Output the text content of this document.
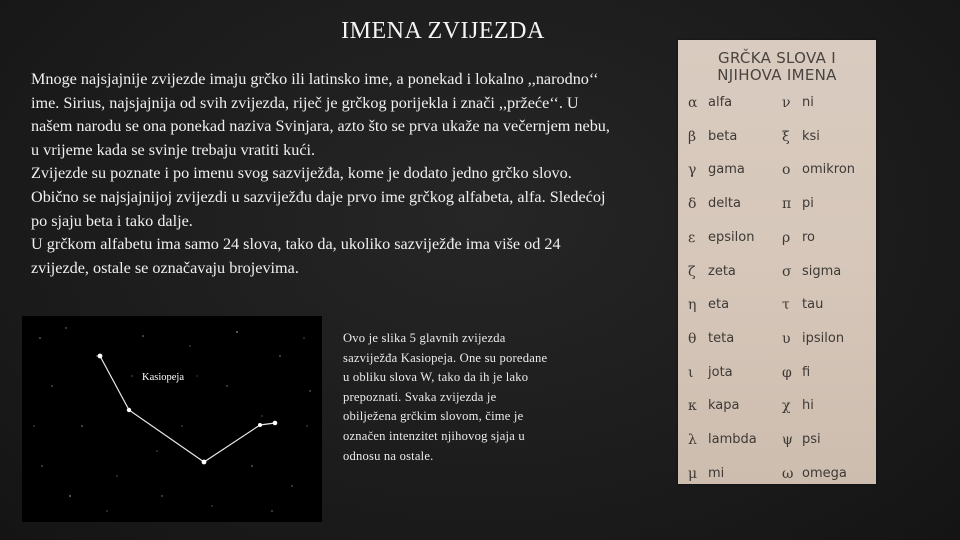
IMENA ZVIJEZDA

Mnoge najsjajnije zvijezde imaju grčko ili latinsko ime, a ponekad i lokalno ,,narodno‘‘ ime. Sirius, najsjajnija od svih zvijezda, riječ je grčkog porijekla i znači ,,pržeće‘‘. U našem narodu se ona ponekad naziva Svinjara, azto što se prva ukaže na večernjem nebu, u vrijeme kada se svinje trebaju vratiti kući.

Zvijezde su poznate i po imenu svog sazviježđa, kome je dodato jedno grčko slovo. Obično se najsjajnijoj zvijezdi u sazviježđu daje prvo ime grčkog alfabeta, alfa. Sledećoj po sjaju beta i tako dalje.

U grčkom alfabetu ima samo 24 slova, tako da, ukoliko sazviježđe ima više od 24 zvijezde, ostale se označavaju brojevima.

Kasiopeja
Ovo je slika 5 glavnih zvijezda sazviježđa Kasiopeja. One su poredane u obliku slova W, tako da ih je lako prepoznati. Svaka zvijezda je obilježena grčkim slovom, čime je označen intenzitet njihovog sjaja u odnosu na ostale.
GRČKA SLOVA I
NJIHOVA IMENA
α alfa	ν ni
β beta	ξ ksi
γ gama	ο omikron
δ delta	π pi
ε epsilon ρ ro
ζ zeta	σ sigma
η eta	τ tau
θ teta	υ ipsilon
ι jota	φ fi
κ kapa	χ hi
λ lambda ψ psi
μ mi	ω omega
